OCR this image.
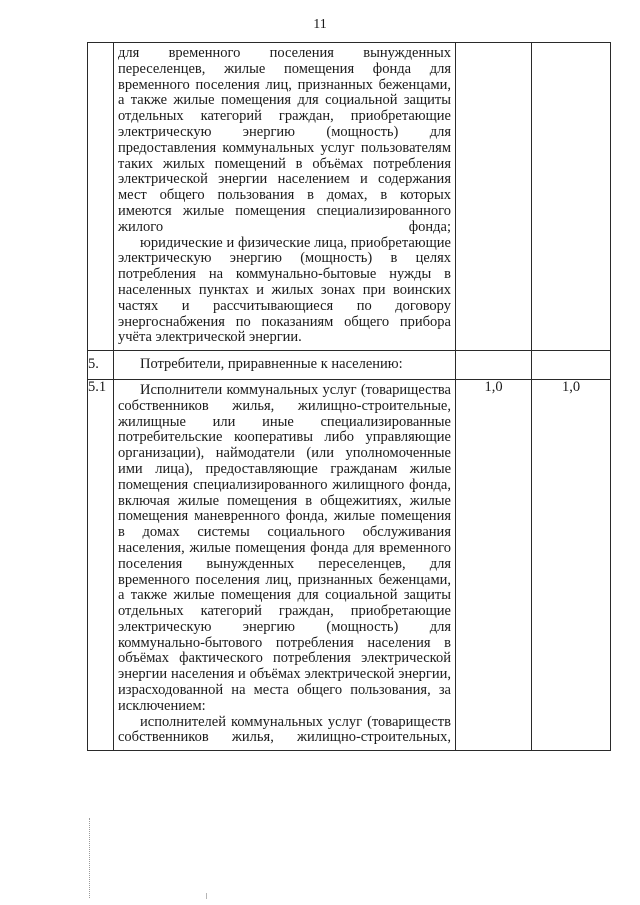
11

	для временного поселения вынужденных переселенцев, жилые помещения фонда для временного поселения лиц, признанных беженцами, а также жилые помещения для социальной защиты отдельных категорий граждан, приобретающие электрическую энергию (мощность) для предоставления коммунальных услуг пользователям таких жилых помещений в объёмах потребления электрической энергии населением и содержания мест общего пользования в домах, в которых имеются жилые помещения специализированного жилого фонда;
юридические и физические лица, приобретающие электрическую энергию (мощность) в целях потребления на коммунально-бытовые нужды в населенных пунктах и жилых зонах при воинских частях и рассчитывающиеся по договору энергоснабжения по показаниям общего прибора учёта электрической энергии.		

5.	Потребители, приравненные к населению:		

5.1	Исполнители коммунальных услуг (товарищества собственников жилья, жилищно-строительные, жилищные или иные специализированные потребительские кооперативы либо управляющие организации), наймодатели (или уполномоченные ими лица), предоставляющие гражданам жилые помещения специализированного жилищного фонда, включая жилые помещения в общежитиях, жилые помещения маневренного фонда, жилые помещения в домах системы социального обслуживания населения, жилые помещения фонда для временного поселения вынужденных переселенцев, для временного поселения лиц, признанных беженцами, а также жилые помещения для социальной защиты отдельных категорий граждан, приобретающие электрическую энергию (мощность) для коммунально-бытового потребления населения в объёмах фактического потребления электрической энергии населения и объёмах электрической энергии, израсходованной на места общего пользования, за исключением:
исполнителей коммунальных услуг (товариществ собственников жилья, жилищно-строительных,	1,0	1,0
